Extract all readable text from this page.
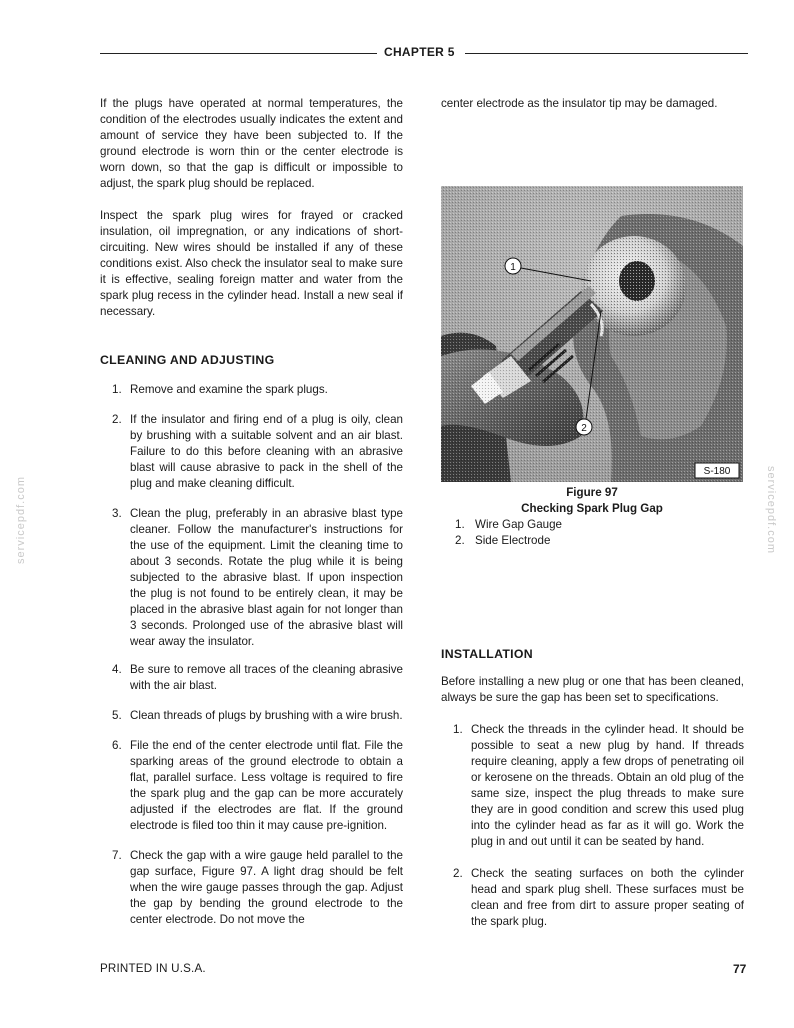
CHAPTER 5
servicepdf.com	servicepdf.com

If the plugs have operated at normal temperatures, the condition of the electrodes usually indicates the extent and amount of service they have been subjected to. If the ground electrode is worn thin or the center electrode is worn down, so that the gap is difficult or impossible to adjust, the spark plug should be replaced.

Inspect the spark plug wires for frayed or cracked insulation, oil impregnation, or any indications of short-circuiting. New wires should be installed if any of these conditions exist. Also check the insulator seal to make sure it is effective, sealing foreign matter and water from the spark plug recess in the cylinder head. Install a new seal if necessary.

CLEANING AND ADJUSTING
1. Remove and examine the spark plugs.
2. If the insulator and firing end of a plug is oily, clean by brushing with a suitable solvent and an air blast. Failure to do this before cleaning with an abrasive blast will cause abrasive to pack in the shell of the plug and make cleaning difficult.
3. Clean the plug, preferably in an abrasive blast type cleaner. Follow the manufacturer's instructions for the use of the equipment. Limit the cleaning time to about 3 seconds. Rotate the plug while it is being subjected to the abrasive blast. If upon inspection the plug is not found to be entirely clean, it may be placed in the abrasive blast again for not longer than 3 seconds. Prolonged use of the abrasive blast will wear away the insulator.
4. Be sure to remove all traces of the cleaning abrasive with the air blast.
5. Clean threads of plugs by brushing with a wire brush.
6. File the end of the center electrode until flat. File the sparking areas of the ground electrode to obtain a flat, parallel surface. Less voltage is required to fire the spark plug and the gap can be more accurately adjusted if the electrodes are flat. If the ground electrode is filed too thin it may cause pre-ignition.
7. Check the gap with a wire gauge held parallel to the gap surface, Figure 97. A light drag should be felt when the wire gauge passes through the gap. Adjust the gap by bending the ground electrode to the center electrode. Do not move the

center electrode as the insulator tip may be damaged.

1
2
S-180
Figure 97
Checking Spark Plug Gap
1. Wire Gap Gauge
2. Side Electrode
INSTALLATION

Before installing a new plug or one that has been cleaned, always be sure the gap has been set to specifications.

1. Check the threads in the cylinder head. It should be possible to seat a new plug by hand. If threads require cleaning, apply a few drops of penetrating oil or kerosene on the threads. Obtain an old plug of the same size, inspect the plug threads to make sure they are in good condition and screw this used plug into the cylinder head as far as it will go. Work the plug in and out until it can be seated by hand.
2. Check the seating surfaces on both the cylinder head and spark plug shell. These surfaces must be clean and free from dirt to assure proper seating of the spark plug.
PRINTED IN U.S.A.	77
